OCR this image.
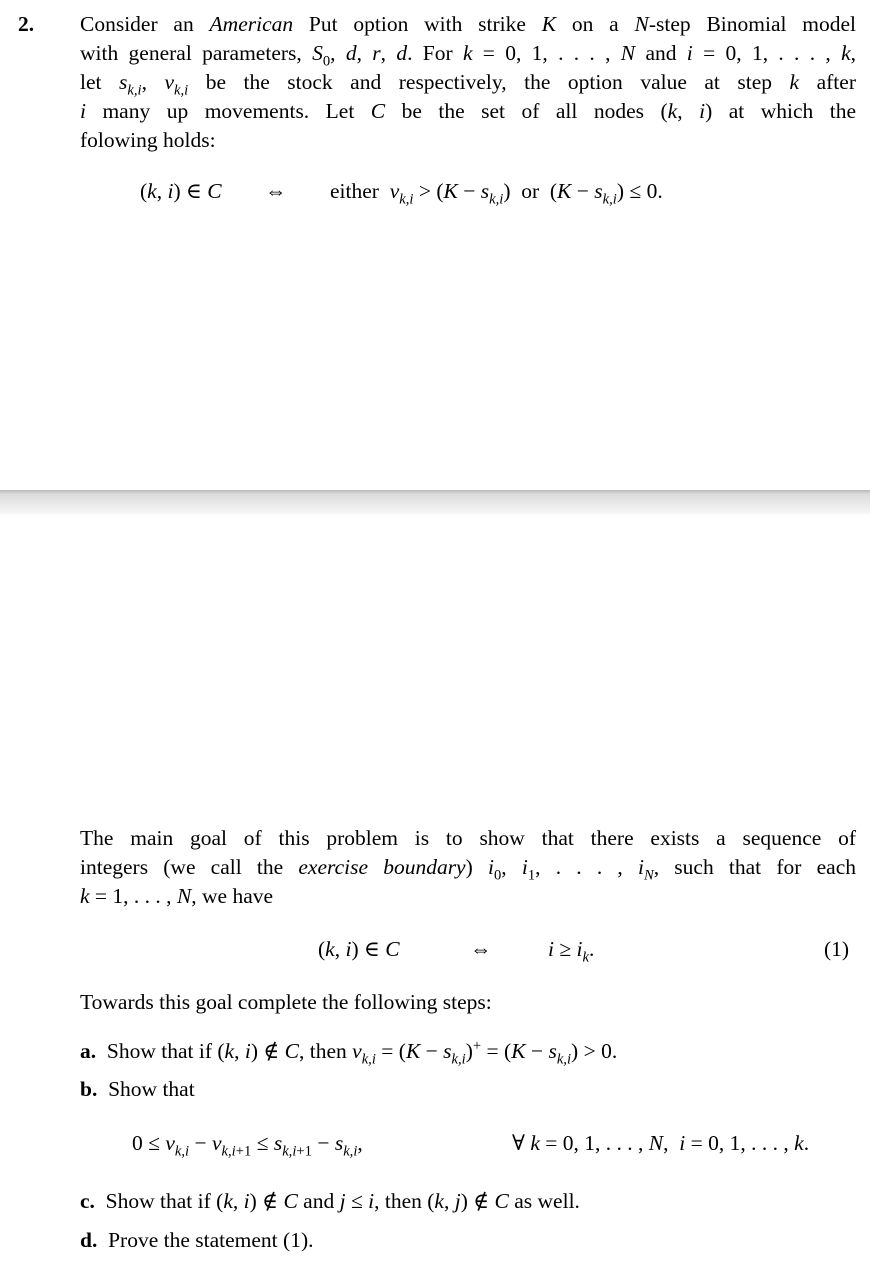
2. Consider an American Put option with strike K on a N-step Binomial model
with general parameters, $S_0$, d, r, d. For k = 0, 1, . . . , N and i = 0, 1, . . . , k,
let $s_{k,i}$, $v_{k,i}$ be the stock and respectively, the option value at step k after
i many up movements. Let C be the set of all nodes (k, i) at which the
folowing holds:
(k, i) ∈ C ⇔ either  $v_{k,i} > (K - s_{k,i})$  or  $(K - s_{k,i}) \le 0$.
The main goal of this problem is to show that there exists a sequence of
integers (we call the exercise boundary) $i_0$, $i_1$, . . . , $i_N$, such that for each
k = 1, . . . , N, we have
(k, i) ∈ C	⇔	$i \ge i_k$.	(1)
Towards this goal complete the following steps:
a.  Show that if (k, i) ∉ C, then $v_{k,i} = (K - s_{k,i})^+ = (K - s_{k,i}) > 0$.
b.  Show that
$0 \le v_{k,i} - v_{k,i+1} \le s_{k,i+1} - s_{k,i}$,	∀ k = 0, 1, . . . , N,  i = 0, 1, . . . , k.
c.  Show that if (k, i) ∉ C and j ≤ i, then (k, j) ∉ C as well.
d.  Prove the statement (1).
